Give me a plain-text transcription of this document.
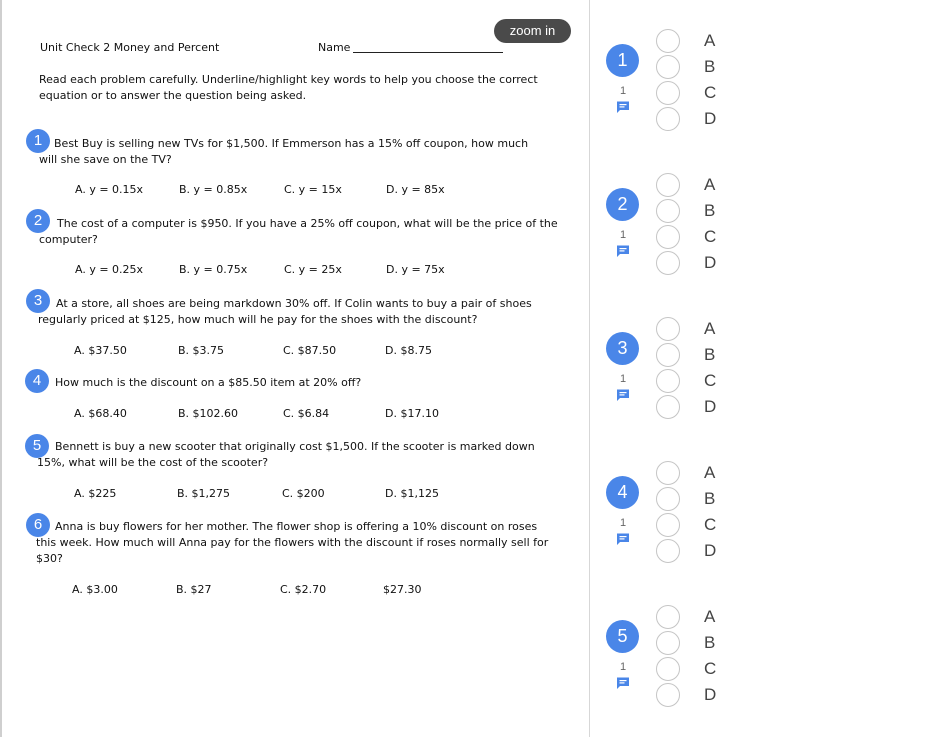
Unit Check 2 Money and Percent	Name
Read each problem carefully. Underline/highlight key words to help you choose the correct equation or to answer the question being asked.
1	Best Buy is selling new TVs for $1,500. If Emmerson has a 15% off coupon, how much will she save on the TV?
A. y = 0.15x	B. y = 0.85x	C. y = 15x	D. y = 85x
2	The cost of a computer is $950. If you have a 25% off coupon, what will be the price of the computer?
A. y = 0.25x	B. y = 0.75x	C. y = 25x	D. y = 75x
3	At a store, all shoes are being markdown 30% off. If Colin wants to buy a pair of shoes regularly priced at $125, how much will he pay for the shoes with the discount?
A. $37.50	B. $3.75	C. $87.50	D. $8.75
4	How much is the discount on a $85.50 item at 20% off?
A. $68.40	B. $102.60	C. $6.84	D. $17.10
5	Bennett is buy a new scooter that originally cost $1,500. If the scooter is marked down 15%, what will be the cost of the scooter?
A. $225	B. $1,275	C. $200	D. $1,125
6	Anna is buy flowers for her mother. The flower shop is offering a 10% discount on roses this week. How much will Anna pay for the flowers with the discount if roses normally sell for $30?
A. $3.00	B. $27	C. $2.70	$27.30
zoom in
1
1
A
B
C
D
2
1
A
B
C
D
3
1
A
B
C
D
4
1
A
B
C
D
5
1
A
B
C
D
